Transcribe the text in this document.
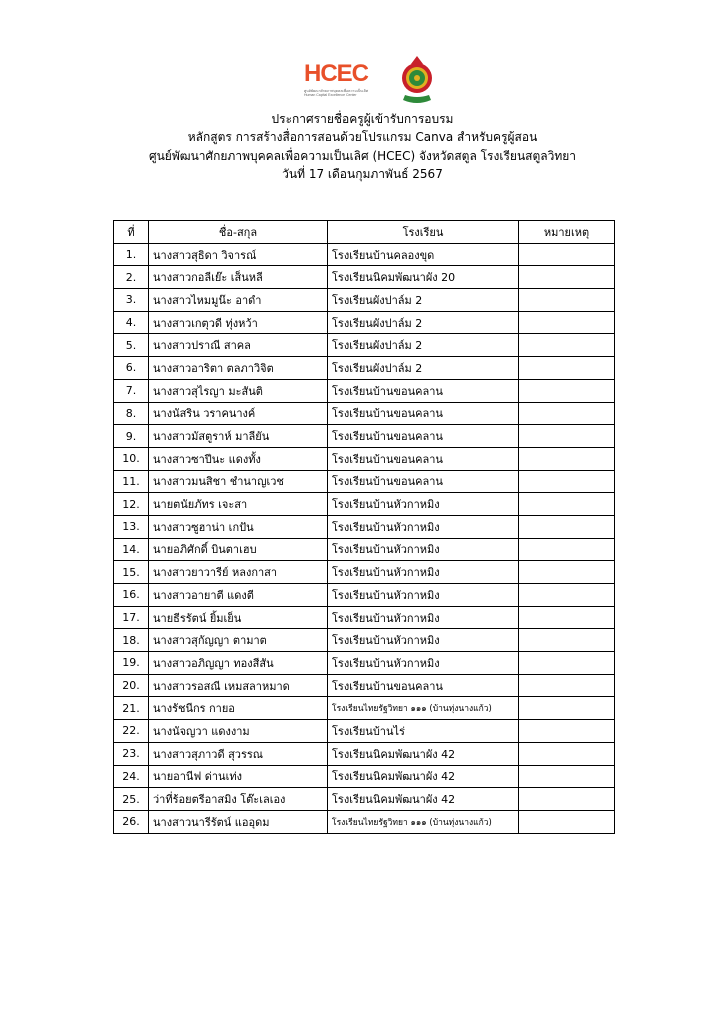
HCEC
ศูนย์พัฒนาศักยภาพบุคคลเพื่อความเป็นเลิศ Human Capital Excellence Center
ประกาศรายชื่อครูผู้เข้ารับการอบรม
หลักสูตร การสร้างสื่อการสอนด้วยโปรแกรม Canva สำหรับครูผู้สอน
ศูนย์พัฒนาศักยภาพบุคคลเพื่อความเป็นเลิศ (HCEC) จังหวัดสตูล โรงเรียนสตูลวิทยา
วันที่ 17 เดือนกุมภาพันธ์ 2567
ที่	ชื่อ-สกุล	โรงเรียน	หมายเหตุ
1.	นางสาวสุธิดา วิจารณ์	โรงเรียนบ้านคลองขุด	
2.	นางสาวกอลีเย๊ะ เส็นหลี	โรงเรียนนิคมพัฒนาผัง 20	
3.	นางสาวไหมมูน๊ะ อาดำ	โรงเรียนผังปาล์ม 2	
4.	นางสาวเกตุวดี ทุ่งหว้า	โรงเรียนผังปาล์ม 2	
5.	นางสาวปราณี สาคล	โรงเรียนผังปาล์ม 2	
6.	นางสาวอาริตา ตลภาวิจิต	โรงเรียนผังปาล์ม 2	
7.	นางสาวสุไรญา มะสันติ	โรงเรียนบ้านขอนคลาน	
8.	นางนัสริน วราคนางค์	โรงเรียนบ้านขอนคลาน	
9.	นางสาวมัสตูราห์ มาลียัน	โรงเรียนบ้านขอนคลาน	
10.	นางสาวซาปีนะ แดงทั้ง	โรงเรียนบ้านขอนคลาน	
11.	นางสาวมนสิชา ชำนาญเวช	โรงเรียนบ้านขอนคลาน	
12.	นายตนัยภัทร เจะสา	โรงเรียนบ้านหัวกาหมิง	
13.	นางสาวซูฮาน่า เกปัน	โรงเรียนบ้านหัวกาหมิง	
14.	นายอภิศักดิ์ บินตาเฮบ	โรงเรียนบ้านหัวกาหมิง	
15.	นางสาวยาวารีย์ หลงกาสา	โรงเรียนบ้านหัวกาหมิง	
16.	นางสาวอายาตี แดงตี	โรงเรียนบ้านหัวกาหมิง	
17.	นายธีรรัตน์ ยิ้มเย็น	โรงเรียนบ้านหัวกาหมิง	
18.	นางสาวสุกัญญา ตามาต	โรงเรียนบ้านหัวกาหมิง	
19.	นางสาวอภิญญา ทองสีสัน	โรงเรียนบ้านหัวกาหมิง	
20.	นางสาวรอสณี เหมสลาหมาด	โรงเรียนบ้านขอนคลาน	
21.	นางรัชนีกร กายอ	โรงเรียนไทยรัฐวิทยา ๑๑๑ (บ้านทุ่งนางแก้ว)	
22.	นางนัจญวา แดงงาม	โรงเรียนบ้านไร่	
23.	นางสาวสุภาวดี สุวรรณ	โรงเรียนนิคมพัฒนาผัง 42	
24.	นายอานีฟ ด่านเท่ง	โรงเรียนนิคมพัฒนาผัง 42	
25.	ว่าที่ร้อยตรีอาสมิง โต๊ะเลเอง	โรงเรียนนิคมพัฒนาผัง 42	
26.	นางสาวนารีรัตน์ แออุดม	โรงเรียนไทยรัฐวิทยา ๑๑๑ (บ้านทุ่งนางแก้ว)	
